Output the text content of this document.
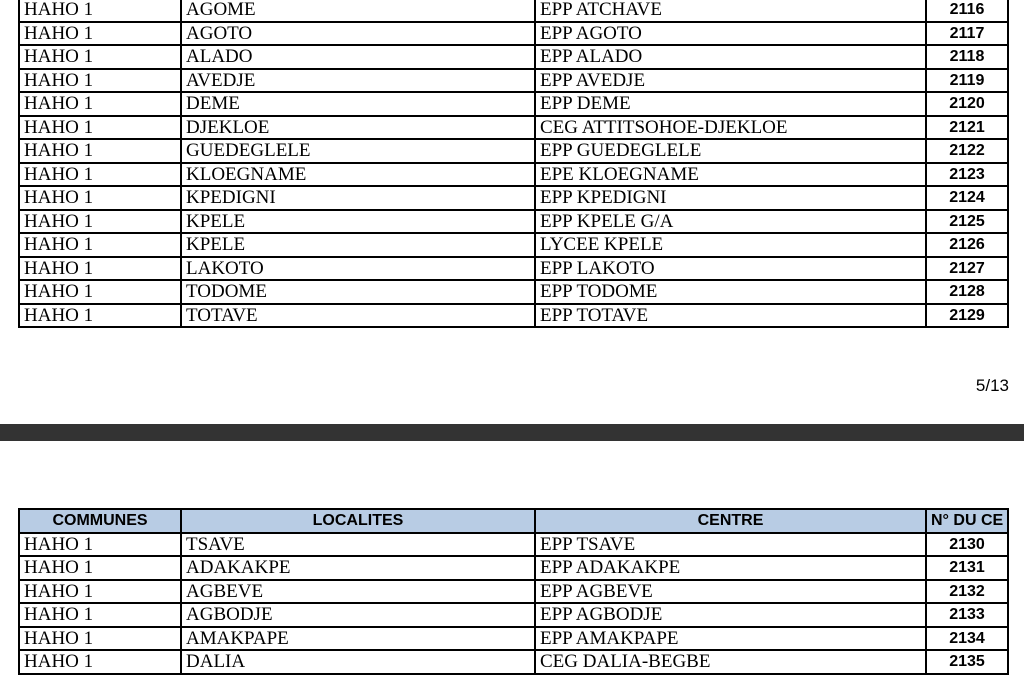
HAHO 1	AGOME	EPP ATCHAVE	2116
HAHO 1	AGOTO	EPP AGOTO	2117
HAHO 1	ALADO	EPP ALADO	2118
HAHO 1	AVEDJE	EPP AVEDJE	2119
HAHO 1	DEME	EPP DEME	2120
HAHO 1	DJEKLOE	CEG ATTITSOHOE-DJEKLOE	2121
HAHO 1	GUEDEGLELE	EPP GUEDEGLELE	2122
HAHO 1	KLOEGNAME	EPE KLOEGNAME	2123
HAHO 1	KPEDIGNI	EPP KPEDIGNI	2124
HAHO 1	KPELE	EPP KPELE G/A	2125
HAHO 1	KPELE	LYCEE KPELE	2126
HAHO 1	LAKOTO	EPP LAKOTO	2127
HAHO 1	TODOME	EPP TODOME	2128
HAHO 1	TOTAVE	EPP TOTAVE	2129
5/13
COMMUNES	LOCALITES	CENTRE	N° DU CE
HAHO 1	TSAVE	EPP TSAVE	2130
HAHO 1	ADAKAKPE	EPP ADAKAKPE	2131
HAHO 1	AGBEVE	EPP AGBEVE	2132
HAHO 1	AGBODJE	EPP AGBODJE	2133
HAHO 1	AMAKPAPE	EPP AMAKPAPE	2134
HAHO 1	DALIA	CEG DALIA-BEGBE	2135
